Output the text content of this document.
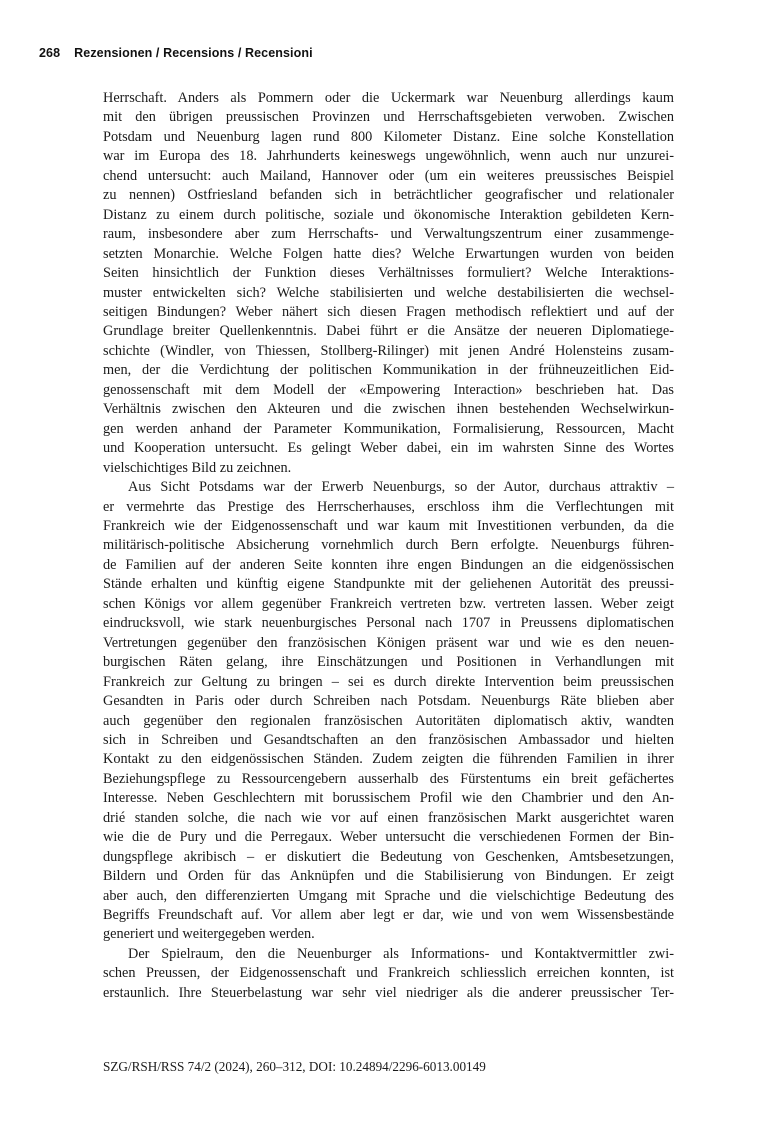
268 Rezensionen / Recensions / Recensioni
Herrschaft. Anders als Pommern oder die Uckermark war Neuenburg allerdings kaum
mit den übrigen preussischen Provinzen und Herrschaftsgebieten verwoben. Zwischen
Potsdam und Neuenburg lagen rund 800 Kilometer Distanz. Eine solche Konstellation
war im Europa des 18. Jahrhunderts keineswegs ungewöhnlich, wenn auch nur unzurei-
chend untersucht: auch Mailand, Hannover oder (um ein weiteres preussisches Beispiel
zu nennen) Ostfriesland befanden sich in beträchtlicher geografischer und relationaler
Distanz zu einem durch politische, soziale und ökonomische Interaktion gebildeten Kern-
raum, insbesondere aber zum Herrschafts- und Verwaltungszentrum einer zusammenge-
setzten Monarchie. Welche Folgen hatte dies? Welche Erwartungen wurden von beiden
Seiten hinsichtlich der Funktion dieses Verhältnisses formuliert? Welche Interaktions-
muster entwickelten sich? Welche stabilisierten und welche destabilisierten die wechsel-
seitigen Bindungen? Weber nähert sich diesen Fragen methodisch reflektiert und auf der
Grundlage breiter Quellenkenntnis. Dabei führt er die Ansätze der neueren Diplomatiege-
schichte (Windler, von Thiessen, Stollberg-Rilinger) mit jenen André Holensteins zusam-
men, der die Verdichtung der politischen Kommunikation in der frühneuzeitlichen Eid-
genossenschaft mit dem Modell der «Empowering Interaction» beschrieben hat. Das
Verhältnis zwischen den Akteuren und die zwischen ihnen bestehenden Wechselwirkun-
gen werden anhand der Parameter Kommunikation, Formalisierung, Ressourcen, Macht
und Kooperation untersucht. Es gelingt Weber dabei, ein im wahrsten Sinne des Wortes
vielschichtiges Bild zu zeichnen.
Aus Sicht Potsdams war der Erwerb Neuenburgs, so der Autor, durchaus attraktiv –
er vermehrte das Prestige des Herrscherhauses, erschloss ihm die Verflechtungen mit
Frankreich wie der Eidgenossenschaft und war kaum mit Investitionen verbunden, da die
militärisch-politische Absicherung vornehmlich durch Bern erfolgte. Neuenburgs führen-
de Familien auf der anderen Seite konnten ihre engen Bindungen an die eidgenössischen
Stände erhalten und künftig eigene Standpunkte mit der geliehenen Autorität des preussi-
schen Königs vor allem gegenüber Frankreich vertreten bzw. vertreten lassen. Weber zeigt
eindrucksvoll, wie stark neuenburgisches Personal nach 1707 in Preussens diplomatischen
Vertretungen gegenüber den französischen Königen präsent war und wie es den neuen-
burgischen Räten gelang, ihre Einschätzungen und Positionen in Verhandlungen mit
Frankreich zur Geltung zu bringen – sei es durch direkte Intervention beim preussischen
Gesandten in Paris oder durch Schreiben nach Potsdam. Neuenburgs Räte blieben aber
auch gegenüber den regionalen französischen Autoritäten diplomatisch aktiv, wandten
sich in Schreiben und Gesandtschaften an den französischen Ambassador und hielten
Kontakt zu den eidgenössischen Ständen. Zudem zeigten die führenden Familien in ihrer
Beziehungspflege zu Ressourcengebern ausserhalb des Fürstentums ein breit gefächertes
Interesse. Neben Geschlechtern mit borussischem Profil wie den Chambrier und den An-
drié standen solche, die nach wie vor auf einen französischen Markt ausgerichtet waren
wie die de Pury und die Perregaux. Weber untersucht die verschiedenen Formen der Bin-
dungspflege akribisch – er diskutiert die Bedeutung von Geschenken, Amtsbesetzungen,
Bildern und Orden für das Anknüpfen und die Stabilisierung von Bindungen. Er zeigt
aber auch, den differenzierten Umgang mit Sprache und die vielschichtige Bedeutung des
Begriffs Freundschaft auf. Vor allem aber legt er dar, wie und von wem Wissensbestände
generiert und weitergegeben werden.
Der Spielraum, den die Neuenburger als Informations- und Kontaktvermittler zwi-
schen Preussen, der Eidgenossenschaft und Frankreich schliesslich erreichen konnten, ist
erstaunlich. Ihre Steuerbelastung war sehr viel niedriger als die anderer preussischer Ter-
SZG/RSH/RSS 74/2 (2024), 260–312, DOI: 10.24894/2296-6013.00149
